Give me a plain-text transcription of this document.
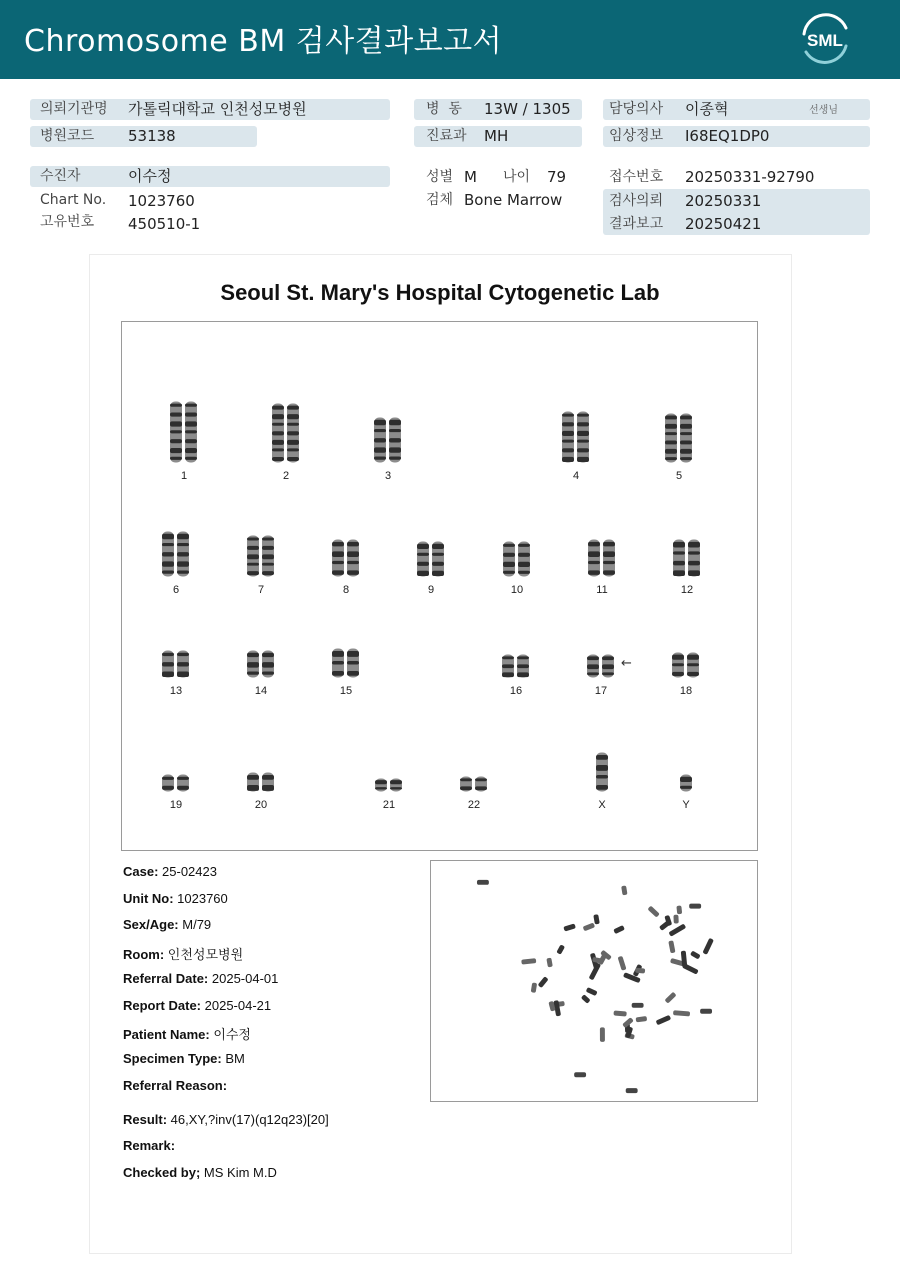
Chromosome BM 검사결과보고서	SML
의뢰기관명 가톨릭대학교 인천성모병원
병원코드 53138
병  동 13W / 1305
진료과 MH
담당의사 이종혁	선생님
임상정보 I68EQ1DP0
수진자	이수정
Chart No. 1023760
고유번호 450510-1
성별 M 나이 79
검체 Bone Marrow
접수번호 20250331-92790
검사의뢰 20250331
결과보고 20250421
Seoul St. Mary's Hospital Cytogenetic Lab
1	2	3	4	5
6	7	8	9	10	11	12
13	14	15	16	17	18
19	20	21	22	X	Y
←
Case: 25-02423
Unit No: 1023760
Sex/Age: M/79
Room: 인천성모병원
Referral Date: 2025-04-01
Report Date: 2025-04-21
Patient Name: 이수정
Specimen Type: BM
Referral Reason:
Result: 46,XY,?inv(17)(q12q23)[20]
Remark:
Checked by; MS Kim M.D
